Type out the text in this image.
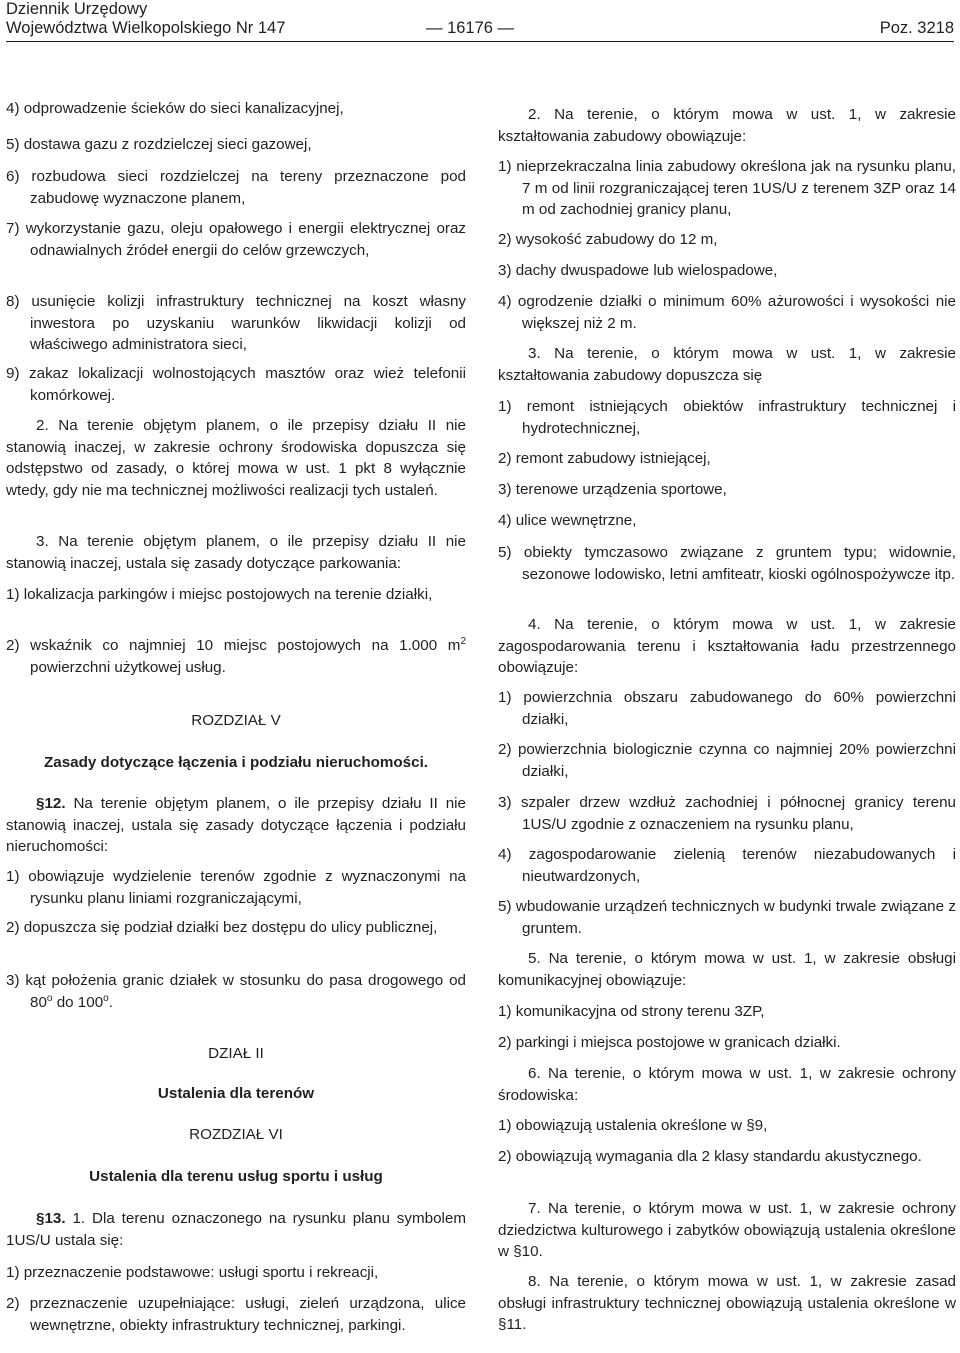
Dziennik Urzędowy
Województwa Wielkopolskiego Nr 147	— 16176 —	Poz. 3218
4) odprowadzenie ścieków do sieci kanalizacyjnej,
5) dostawa gazu z rozdzielczej sieci gazowej,
6) rozbudowa sieci rozdzielczej na tereny przeznaczone pod zabudowę wyznaczone planem,
7) wykorzystanie gazu, oleju opałowego i energii elektrycznej oraz odnawialnych źródeł energii do celów grzewczych,
8) usunięcie kolizji infrastruktury technicznej na koszt własny inwestora po uzyskaniu warunków likwidacji kolizji od właściwego administratora sieci,
9) zakaz lokalizacji wolnostojących masztów oraz wież telefonii komórkowej.
2. Na terenie objętym planem, o ile przepisy działu II nie stanowią inaczej, w zakresie ochrony środowiska dopuszcza się odstępstwo od zasady, o której mowa w ust. 1 pkt 8 wyłącznie wtedy, gdy nie ma technicznej możliwości realizacji tych ustaleń.
3. Na terenie objętym planem, o ile przepisy działu II nie stanowią inaczej, ustala się zasady dotyczące parkowania:
1) lokalizacja parkingów i miejsc postojowych na terenie działki,
2) wskaźnik co najmniej 10 miejsc postojowych na 1.000 $m^2$ powierzchni użytkowej usług.
ROZDZIAŁ V
Zasady dotyczące łączenia i podziału nieruchomości.
§12. Na terenie objętym planem, o ile przepisy działu II nie stanowią inaczej, ustala się zasady dotyczące łączenia i podziału nieruchomości:
1) obowiązuje wydzielenie terenów zgodnie z wyznaczonymi na rysunku planu liniami rozgraniczającymi,
2) dopuszcza się podział działki bez dostępu do ulicy publicznej,
3) kąt położenia granic działek w stosunku do pasa drogowego od 80$^o$ do 100$^o$.
DZIAŁ II
Ustalenia dla terenów
ROZDZIAŁ VI
Ustalenia dla terenu usług sportu i usług
§13. 1. Dla terenu oznaczonego na rysunku planu symbolem 1US/U ustala się:
1) przeznaczenie podstawowe: usługi sportu i rekreacji,
2) przeznaczenie uzupełniające: usługi, zieleń urządzona, ulice wewnętrzne, obiekty infrastruktury technicznej, parkingi.
2. Na terenie, o którym mowa w ust. 1, w zakresie kształtowania zabudowy obowiązuje:
1) nieprzekraczalna linia zabudowy określona jak na rysunku planu, 7 m od linii rozgraniczającej teren 1US/U z terenem 3ZP oraz 14 m od zachodniej granicy planu,
2) wysokość zabudowy do 12 m,
3) dachy dwuspadowe lub wielospadowe,
4) ogrodzenie działki o minimum 60% ażurowości i wysokości nie większej niż 2 m.
3. Na terenie, o którym mowa w ust. 1, w zakresie kształtowania zabudowy dopuszcza się
1) remont istniejących obiektów infrastruktury technicznej i hydrotechnicznej,
2) remont zabudowy istniejącej,
3) terenowe urządzenia sportowe,
4) ulice wewnętrzne,
5) obiekty tymczasowo związane z gruntem typu; widownie, sezonowe lodowisko, letni amfiteatr, kioski ogólnospożywcze itp.
4. Na terenie, o którym mowa w ust. 1, w zakresie zagospodarowania terenu i kształtowania ładu przestrzennego obowiązuje:
1) powierzchnia obszaru zabudowanego do 60% powierzchni działki,
2) powierzchnia biologicznie czynna co najmniej 20% powierzchni działki,
3) szpaler drzew wzdłuż zachodniej i północnej granicy terenu 1US/U zgodnie z oznaczeniem na rysunku planu,
4) zagospodarowanie zielenią terenów niezabudowanych i nieutwardzonych,
5) wbudowanie urządzeń technicznych w budynki trwale związane z gruntem.
5. Na terenie, o którym mowa w ust. 1, w zakresie obsługi komunikacyjnej obowiązuje:
1) komunikacyjna od strony terenu 3ZP,
2) parkingi i miejsca postojowe w granicach działki.
6. Na terenie, o którym mowa w ust. 1, w zakresie ochrony środowiska:
1) obowiązują ustalenia określone w §9,
2) obowiązują wymagania dla 2 klasy standardu akustycznego.
7. Na terenie, o którym mowa w ust. 1, w zakresie ochrony dziedzictwa kulturowego i zabytków obowiązują ustalenia określone w §10.
8. Na terenie, o którym mowa w ust. 1, w zakresie zasad obsługi infrastruktury technicznej obowiązują ustalenia określone w §11.
